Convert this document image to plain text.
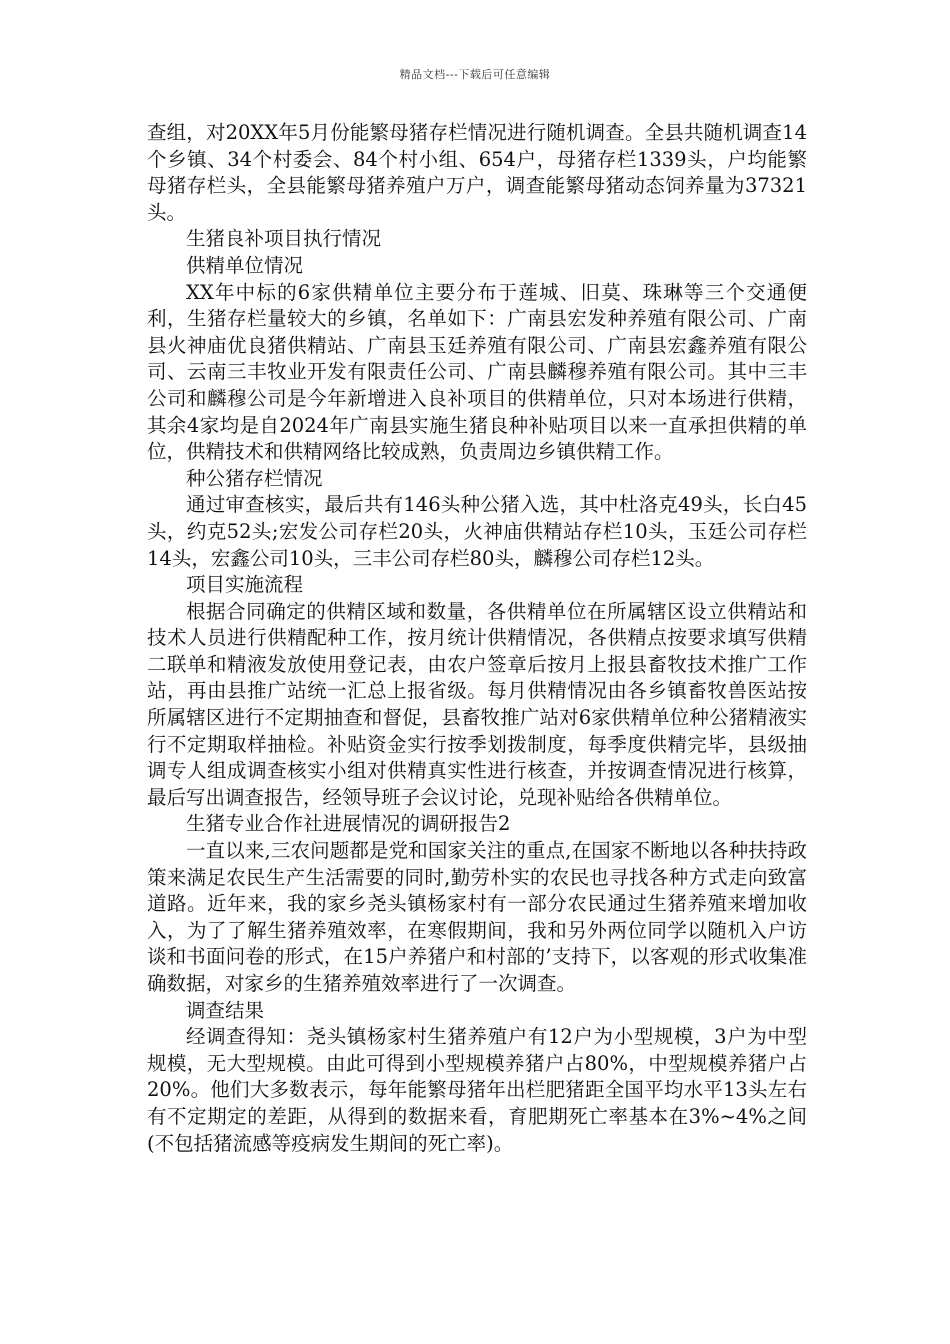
精品文档---下载后可任意编辑

查组，对20XX年5月份能繁母猪存栏情况进行随机调查。全县共随机调查14个乡镇、34个村委会、84个村小组、654户，母猪存栏1339头，户均能繁母猪存栏头，全县能繁母猪养殖户万户，调查能繁母猪动态饲养量为37321头。

生猪良补项目执行情况

供精单位情况

XX年中标的6家供精单位主要分布于莲城、旧莫、珠琳等三个交通便利，生猪存栏量较大的乡镇，名单如下：广南县宏发种养殖有限公司、广南县火神庙优良猪供精站、广南县玉廷养殖有限公司、广南县宏鑫养殖有限公司、云南三丰牧业开发有限责任公司、广南县麟穆养殖有限公司。其中三丰公司和麟穆公司是今年新增进入良补项目的供精单位，只对本场进行供精，其余4家均是自2024年广南县实施生猪良种补贴项目以来一直承担供精的单位，供精技术和供精网络比较成熟，负责周边乡镇供精工作。

种公猪存栏情况

通过审查核实，最后共有146头种公猪入选，其中杜洛克49头，长白45头，约克52头;宏发公司存栏20头，火神庙供精站存栏10头，玉廷公司存栏14头，宏鑫公司10头，三丰公司存栏80头，麟穆公司存栏12头。

项目实施流程

根据合同确定的供精区域和数量，各供精单位在所属辖区设立供精站和技术人员进行供精配种工作，按月统计供精情况，各供精点按要求填写供精二联单和精液发放使用登记表，由农户签章后按月上报县畜牧技术推广工作站，再由县推广站统一汇总上报省级。每月供精情况由各乡镇畜牧兽医站按所属辖区进行不定期抽查和督促，县畜牧推广站对6家供精单位种公猪精液实行不定期取样抽检。补贴资金实行按季划拨制度，每季度供精完毕，县级抽调专人组成调查核实小组对供精真实性进行核查，并按调查情况进行核算，最后写出调查报告，经领导班子会议讨论，兑现补贴给各供精单位。

生猪专业合作社进展情况的调研报告2

一直以来,三农问题都是党和国家关注的重点,在国家不断地以各种扶持政策来满足农民生产生活需要的同时,勤劳朴实的农民也寻找各种方式走向致富道路。近年来，我的家乡尧头镇杨家村有一部分农民通过生猪养殖来增加收入，为了了解生猪养殖效率，在寒假期间，我和另外两位同学以随机入户访谈和书面问卷的形式，在15户养猪户和村部的’支持下，以客观的形式收集准确数据，对家乡的生猪养殖效率进行了一次调查。

调查结果

经调查得知：尧头镇杨家村生猪养殖户有12户为小型规模，3户为中型规模，无大型规模。由此可得到小型规模养猪户占80%，中型规模养猪户占20%。他们大多数表示，每年能繁母猪年出栏肥猪距全国平均水平13头左右有不定期定的差距，从得到的数据来看，育肥期死亡率基本在3%~4%之间(不包括猪流感等疫病发生期间的死亡率)。
